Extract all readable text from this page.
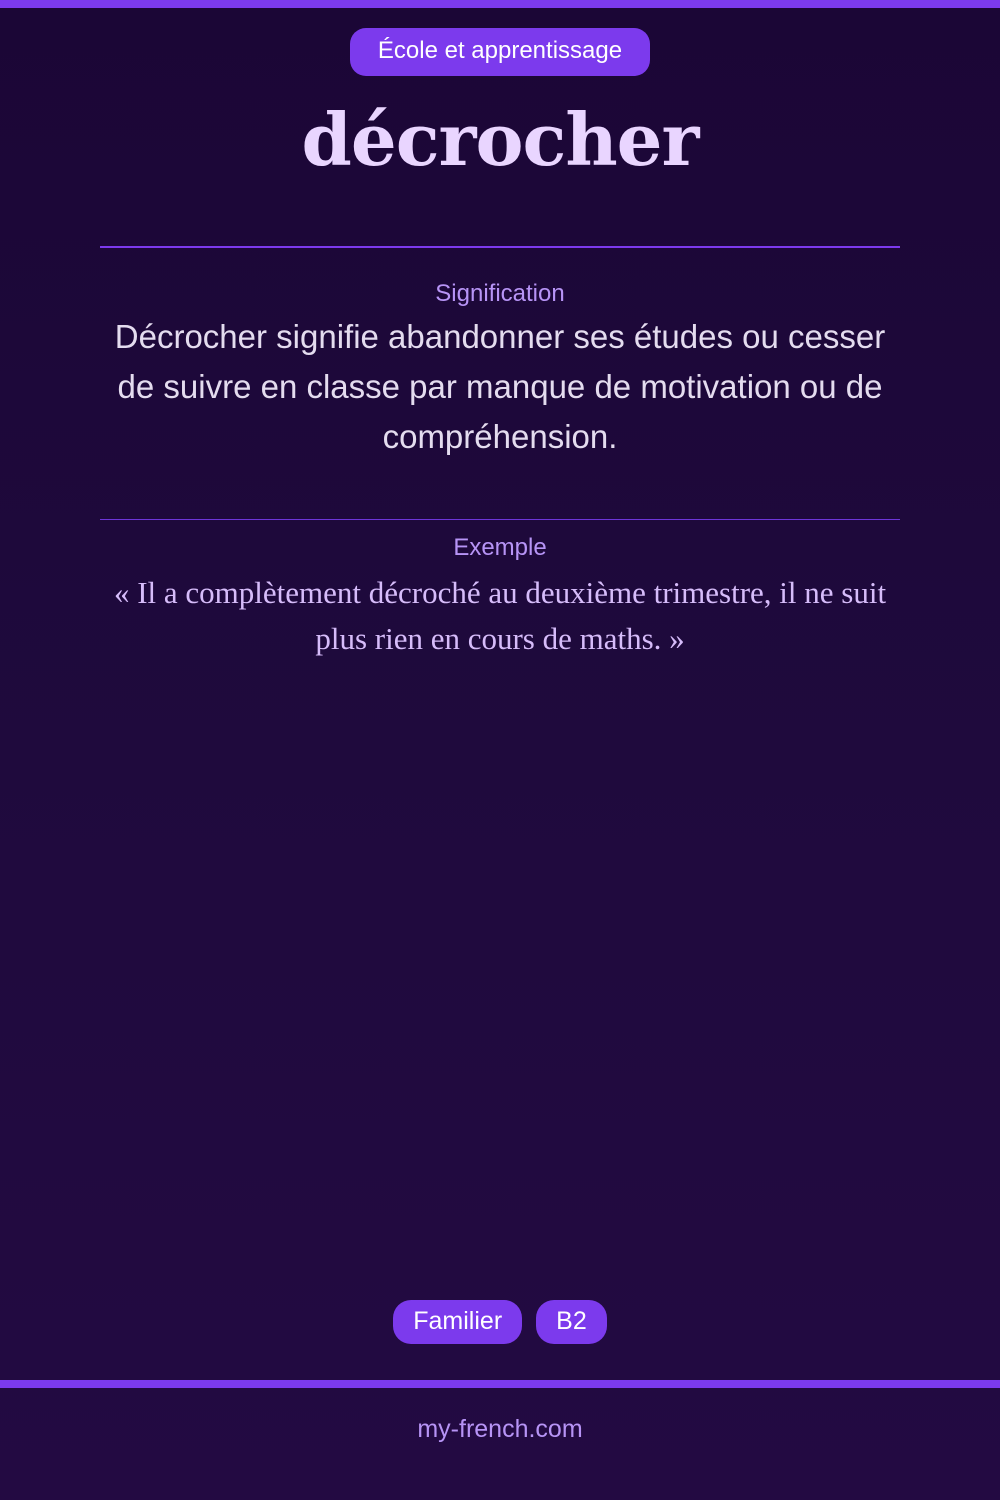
École et apprentissage
décrocher
Signification
Décrocher signifie abandonner ses études ou cesser de suivre en classe par manque de motivation ou de compréhension.
Exemple
« Il a complètement décroché au deuxième trimestre, il ne suit plus rien en cours de maths. »
Familier B2
my-french.com
